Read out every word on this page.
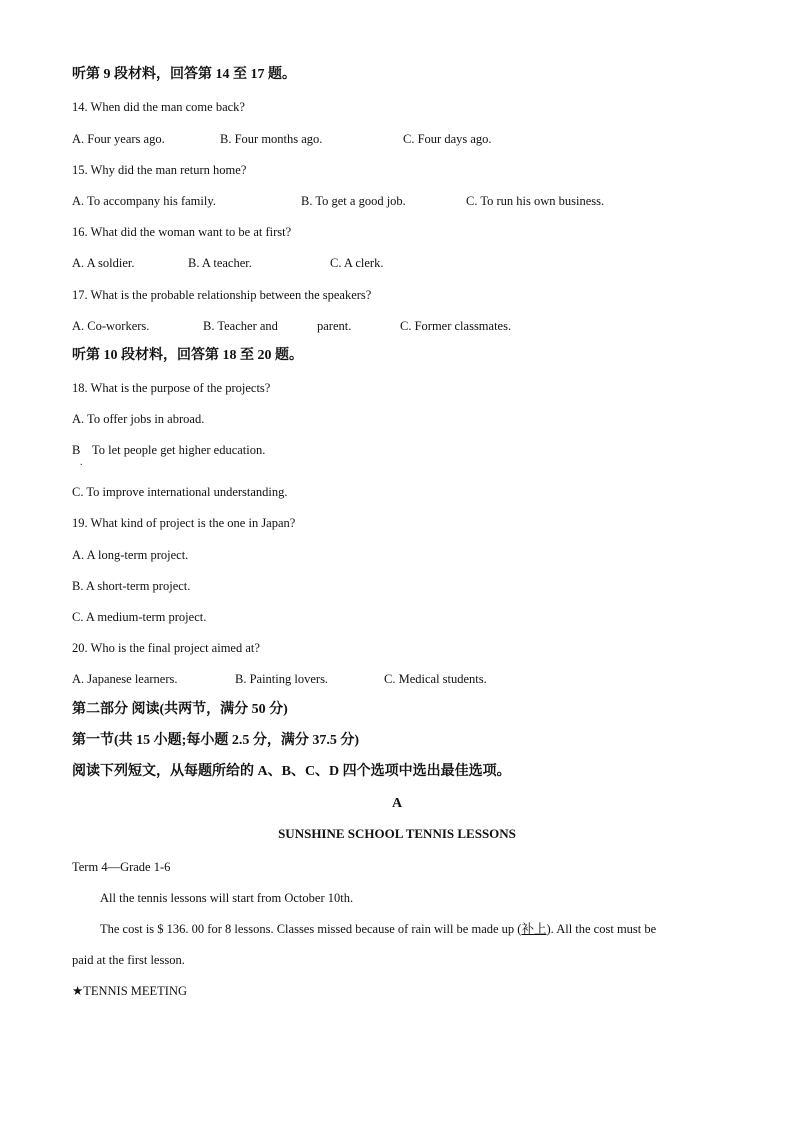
听第 9 段材料，回答第 14 至 17 题。
14. When did the man come back?
A. Four years ago.	B. Four months ago.	C. Four days ago.
15. Why did the man return home?
A. To accompany his family.	B. To get a good job.	C. To run his own business.
16. What did the woman want to be at first?
A. A soldier.	B. A teacher.	C. A clerk.
17. What is the probable relationship between the speakers?
A. Co-workers.	B. Teacher and	parent.	C. Former classmates.
听第 10 段材料，回答第 18 至 20 题。
18. What is the purpose of the projects?
A. To offer jobs in abroad.
B
.
To let people get higher education.
C. To improve international understanding.
19. What kind of project is the one in Japan?
A. A long-term project.
B. A short-term project.
C. A medium-term project.
20. Who is the final project aimed at?
A. Japanese learners.	B. Painting lovers.	C. Medical students.
第二部分 阅读(共两节，满分 50 分)
第一节(共 15 小题;每小题 2.5 分，满分 37.5 分)
阅读下列短文，从每题所给的 A、B、C、D 四个选项中选出最佳选项。
A
SUNSHINE SCHOOL TENNIS LESSONS
Term 4—Grade 1-6
All the tennis lessons will start from October 10th.
The cost is $ 136. 00 for 8 lessons. Classes missed because of rain will be made up (补上). All the cost must be
paid at the first lesson.
★TENNIS MEETING
